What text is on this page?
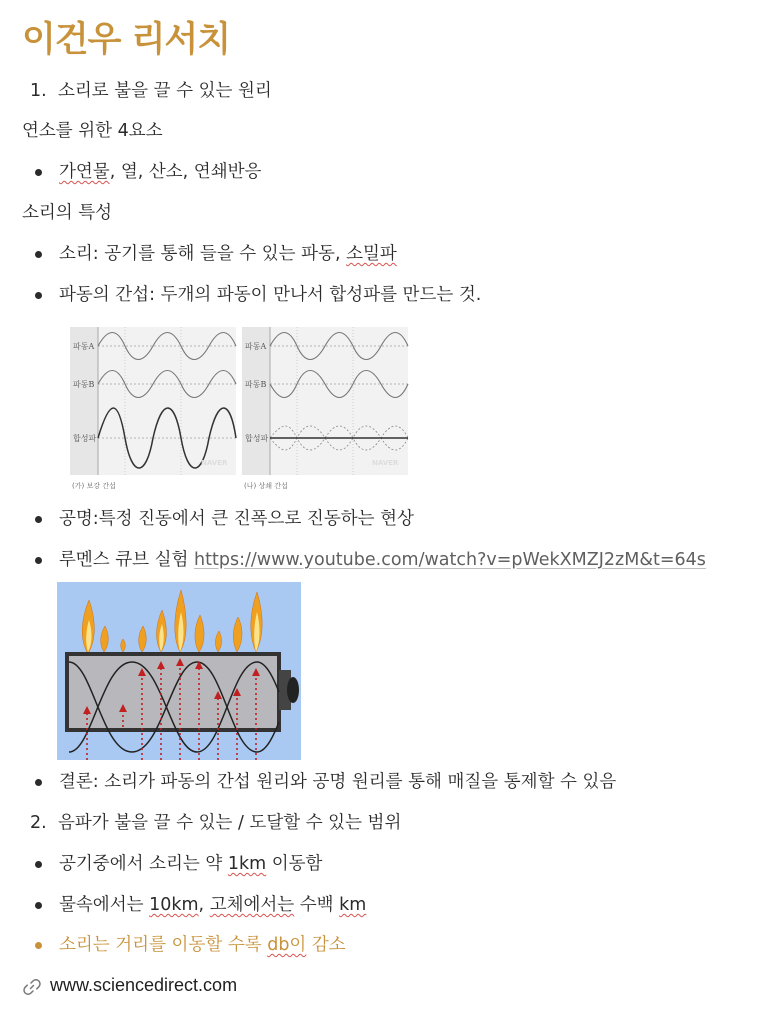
이건우 리서치
1. 소리로 불을 끌 수 있는 원리
연소를 위한 4요소
가연물, 열, 산소, 연쇄반응
소리의 특성
소리: 공기를 통해 들을 수 있는 파동, 소밀파
파동의 간섭: 두개의 파동이 만나서 합성파를 만드는 것.
파동A
파동B
합성파
NAVER
(가) 보강 간섭
파동A
파동B
합성파
NAVER
(나) 상쇄 간섭
공명:특정 진동에서 큰 진폭으로 진동하는 현상
루멘스 큐브 실험 https://www.youtube.com/watch?v=pWekXMZJ2zM&t=64s
결론: 소리가 파동의 간섭 원리와 공명 원리를 통해 매질을 통제할 수 있음
2. 음파가 불을 끌 수 있는 / 도달할 수 있는 범위
공기중에서 소리는 약 1km 이동함
물속에서는 10km, 고체에서는 수백 km
소리는 거리를 이동할 수록 db이 감소
www.sciencedirect.com
